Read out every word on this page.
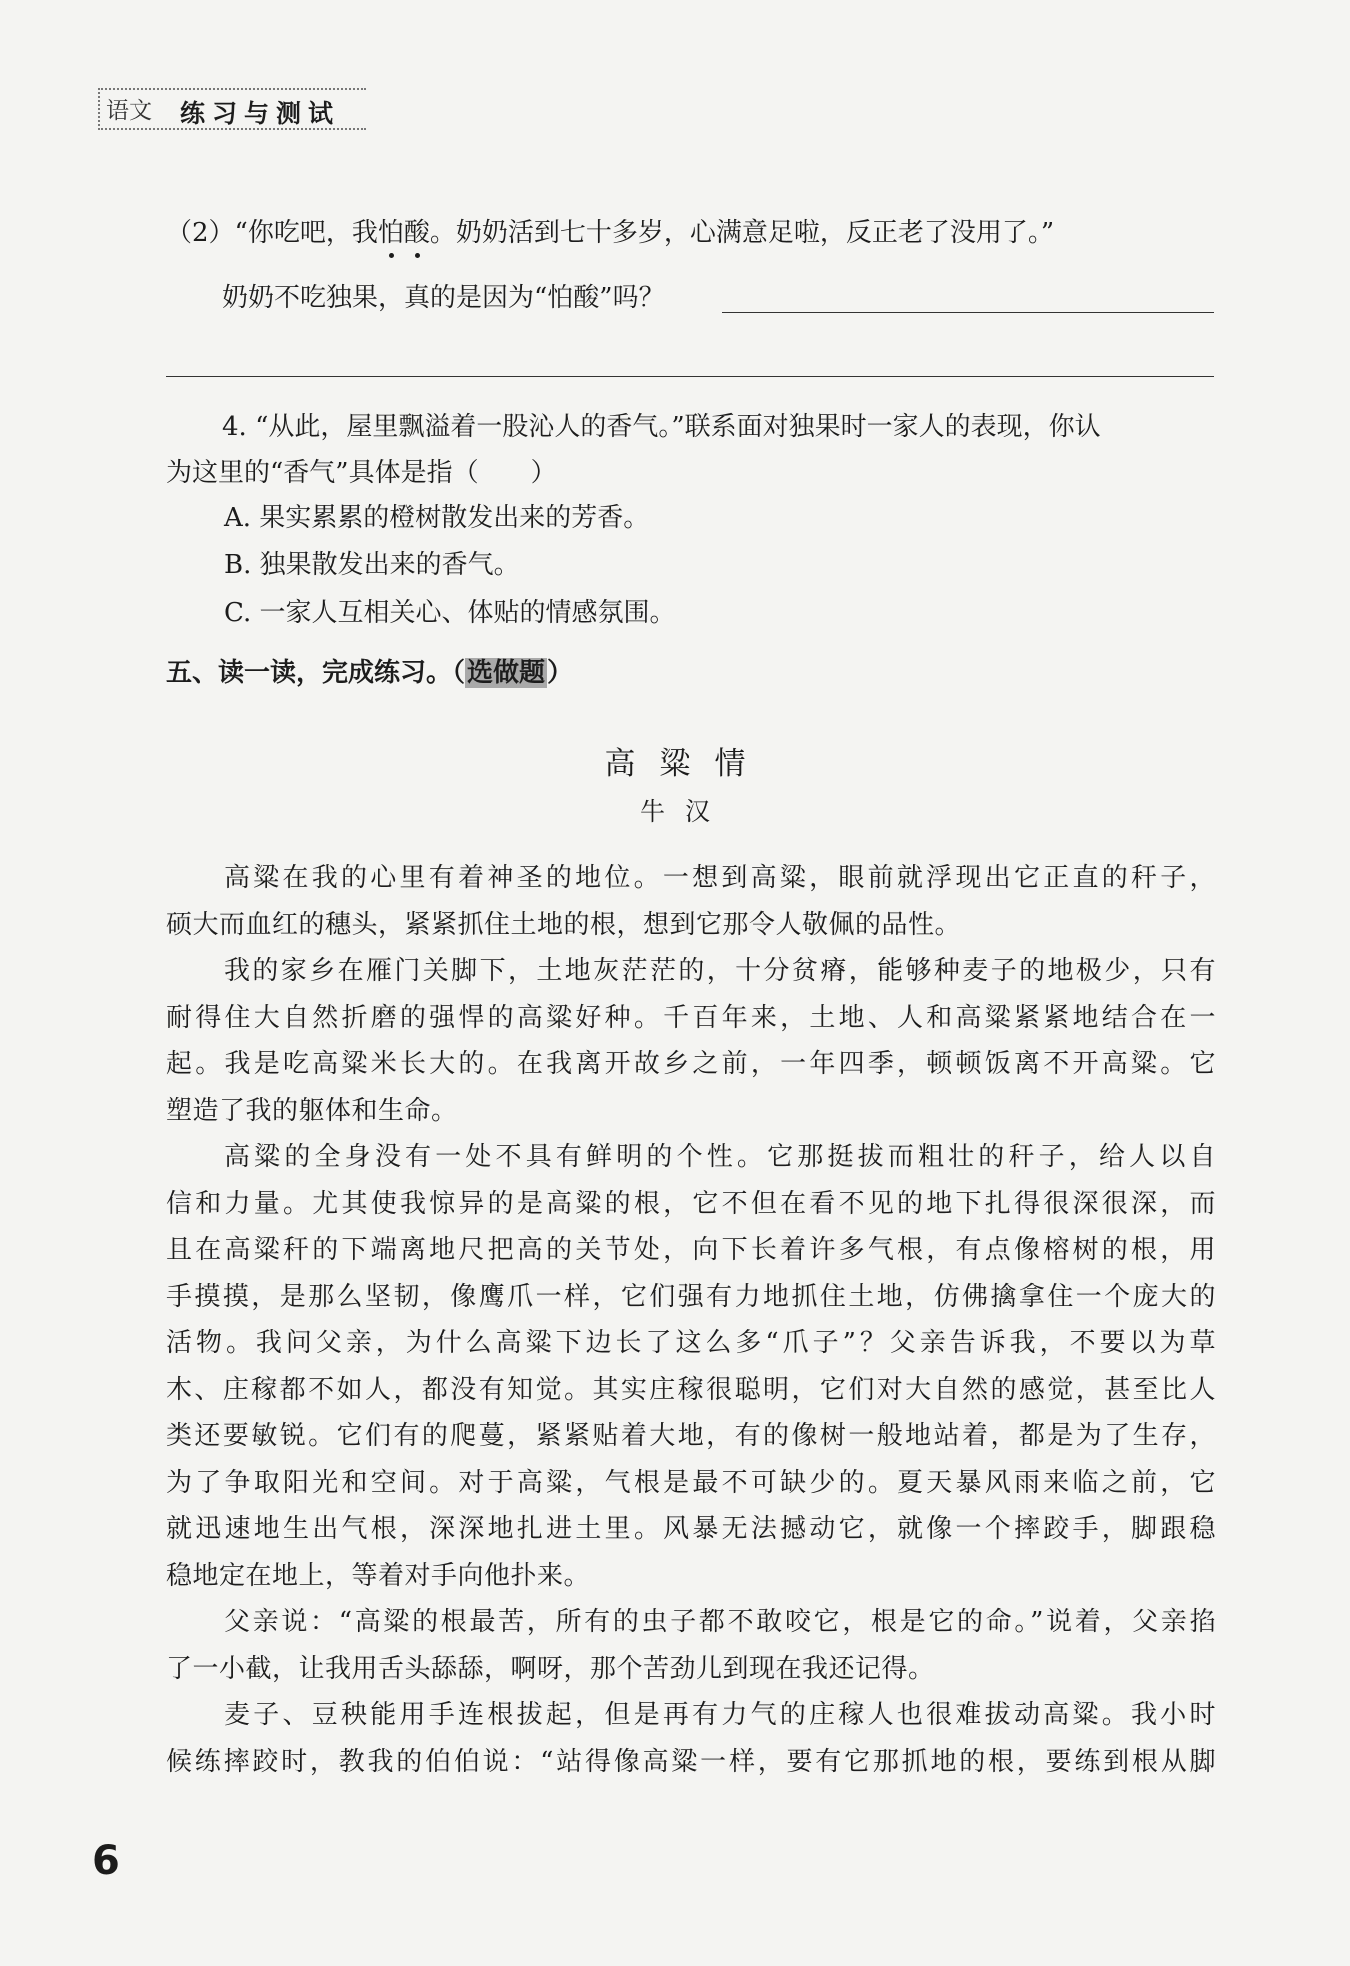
语文 练习与测试
（2）“你吃吧，我怕酸。奶奶活到七十多岁，心满意足啦，反正老了没用了。”
奶奶不吃独果，真的是因为“怕酸”吗？
4. “从此，屋里飘溢着一股沁人的香气。”联系面对独果时一家人的表现，你认
为这里的“香气”具体是指（　　）
A. 果实累累的橙树散发出来的芳香。
B. 独果散发出来的香气。
C. 一家人互相关心、体贴的情感氛围。
五、读一读，完成练习。（选做题）
高粱情
牛汉
高粱在我的心里有着神圣的地位。一想到高粱，眼前就浮现出它正直的秆子，
硕大而血红的穗头，紧紧抓住土地的根，想到它那令人敬佩的品性。
我的家乡在雁门关脚下，土地灰茫茫的，十分贫瘠，能够种麦子的地极少，只有
耐得住大自然折磨的强悍的高粱好种。千百年来，土地、人和高粱紧紧地结合在一
起。我是吃高粱米长大的。在我离开故乡之前，一年四季，顿顿饭离不开高粱。它
塑造了我的躯体和生命。
高粱的全身没有一处不具有鲜明的个性。它那挺拔而粗壮的秆子，给人以自
信和力量。尤其使我惊异的是高粱的根，它不但在看不见的地下扎得很深很深，而
且在高粱秆的下端离地尺把高的关节处，向下长着许多气根，有点像榕树的根，用
手摸摸，是那么坚韧，像鹰爪一样，它们强有力地抓住土地，仿佛擒拿住一个庞大的
活物。我问父亲，为什么高粱下边长了这么多“爪子”？父亲告诉我，不要以为草
木、庄稼都不如人，都没有知觉。其实庄稼很聪明，它们对大自然的感觉，甚至比人
类还要敏锐。它们有的爬蔓，紧紧贴着大地，有的像树一般地站着，都是为了生存，
为了争取阳光和空间。对于高粱，气根是最不可缺少的。夏天暴风雨来临之前，它
就迅速地生出气根，深深地扎进土里。风暴无法撼动它，就像一个摔跤手，脚跟稳
稳地定在地上，等着对手向他扑来。
父亲说：“高粱的根最苦，所有的虫子都不敢咬它，根是它的命。”说着，父亲掐
了一小截，让我用舌头舔舔，啊呀，那个苦劲儿到现在我还记得。
麦子、豆秧能用手连根拔起，但是再有力气的庄稼人也很难拔动高粱。我小时
候练摔跤时，教我的伯伯说：“站得像高粱一样，要有它那抓地的根，要练到根从脚
6
